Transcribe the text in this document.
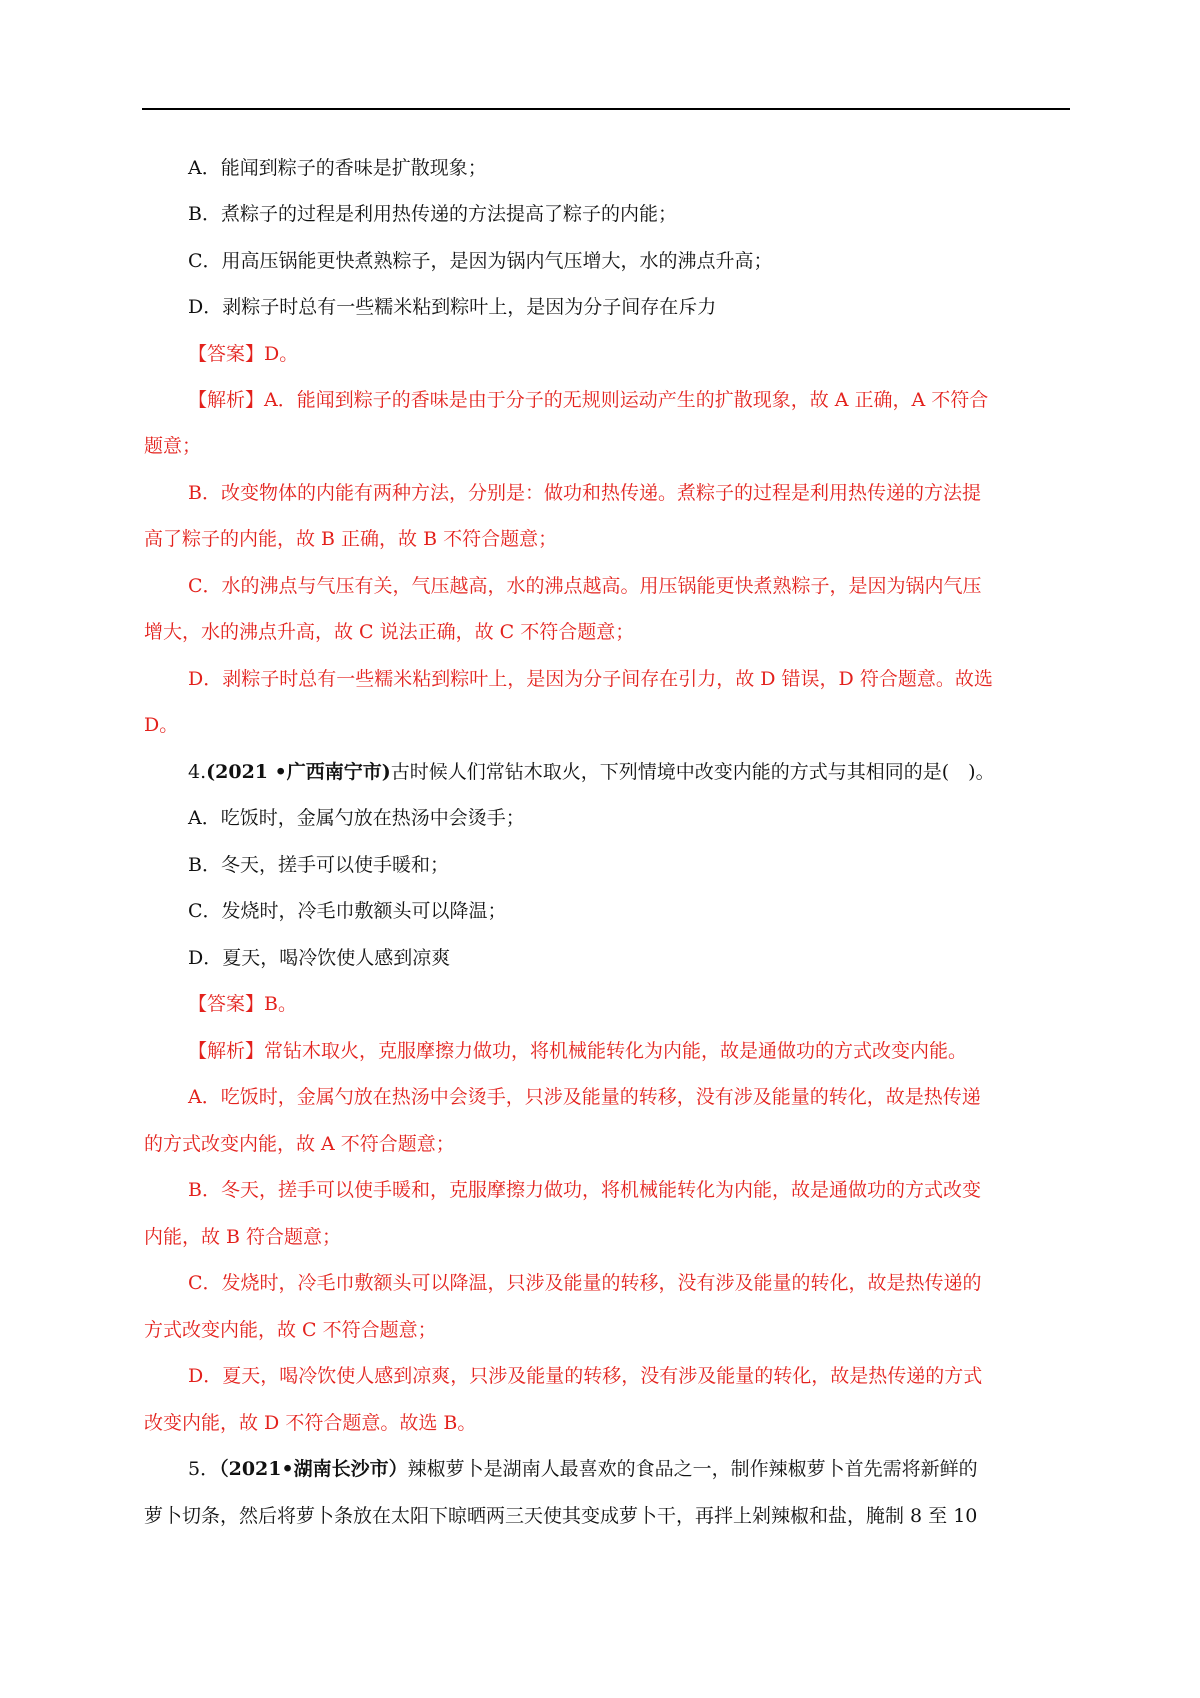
A．能闻到粽子的香味是扩散现象；
B．煮粽子的过程是利用热传递的方法提高了粽子的内能；
C．用高压锅能更快煮熟粽子，是因为锅内气压增大，水的沸点升高；
D．剥粽子时总有一些糯米粘到粽叶上，是因为分子间存在斥力
【答案】D。
【解析】A．能闻到粽子的香味是由于分子的无规则运动产生的扩散现象，故 A 正确，A 不符合
题意；
B．改变物体的内能有两种方法，分别是：做功和热传递。煮粽子的过程是利用热传递的方法提
高了粽子的内能，故 B 正确，故 B 不符合题意；
C．水的沸点与气压有关，气压越高，水的沸点越高。用压锅能更快煮熟粽子，是因为锅内气压
增大，水的沸点升高，故 C 说法正确，故 C 不符合题意；
D．剥粽子时总有一些糯米粘到粽叶上，是因为分子间存在引力，故 D 错误，D 符合题意。故选
D。
4.(2021 •广西南宁市)古时候人们常钻木取火，下列情境中改变内能的方式与其相同的是(　)。
A．吃饭时，金属勺放在热汤中会烫手；
B．冬天，搓手可以使手暖和；
C．发烧时，冷毛巾敷额头可以降温；
D．夏天，喝冷饮使人感到凉爽
【答案】B。
【解析】常钻木取火，克服摩擦力做功，将机械能转化为内能，故是通做功的方式改变内能。
A．吃饭时，金属勺放在热汤中会烫手，只涉及能量的转移，没有涉及能量的转化，故是热传递
的方式改变内能，故 A 不符合题意；
B．冬天，搓手可以使手暖和，克服摩擦力做功，将机械能转化为内能，故是通做功的方式改变
内能，故 B 符合题意；
C．发烧时，冷毛巾敷额头可以降温，只涉及能量的转移，没有涉及能量的转化，故是热传递的
方式改变内能，故 C 不符合题意；
D．夏天，喝冷饮使人感到凉爽，只涉及能量的转移，没有涉及能量的转化，故是热传递的方式
改变内能，故 D 不符合题意。故选 B。
5．（2021•湖南长沙市）辣椒萝卜是湖南人最喜欢的食品之一，制作辣椒萝卜首先需将新鲜的
萝卜切条，然后将萝卜条放在太阳下晾晒两三天使其变成萝卜干，再拌上剁辣椒和盐，腌制 8 至 10
